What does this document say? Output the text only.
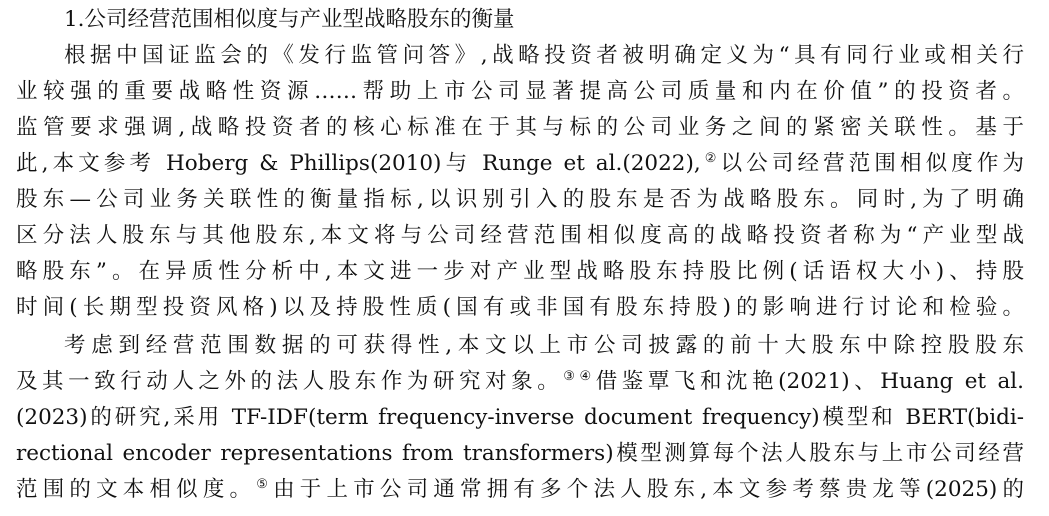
1.公司经营范围相似度与产业型战略股东的衡量
根据中国证监会的《发行监管问答》,战略投资者被明确定义为“具有同行业或相关行
业较强的重要战略性资源……帮助上市公司显著提高公司质量和内在价值”的投资者。
监管要求强调,战略投资者的核心标准在于其与标的公司业务之间的紧密关联性。基于
此,本文参考 Hoberg & Phillips(2010)与 Runge et al.(2022),②以公司经营范围相似度作为
股东—公司业务关联性的衡量指标,以识别引入的股东是否为战略股东。同时,为了明确
区分法人股东与其他股东,本文将与公司经营范围相似度高的战略投资者称为“产业型战
略股东”。在异质性分析中,本文进一步对产业型战略股东持股比例(话语权大小)、持股
时间(长期型投资风格)以及持股性质(国有或非国有股东持股)的影响进行讨论和检验。
考虑到经营范围数据的可获得性,本文以上市公司披露的前十大股东中除控股股东
及其一致行动人之外的法人股东作为研究对象。③④借鉴覃飞和沈艳(2021)、Huang et al.
(2023)的研究,采用 TF-IDF(term frequency-inverse document frequency)模型和 BERT(bidi-
rectional encoder representations from transformers)模型测算每个法人股东与上市公司经营
范围的文本相似度。⑤由于上市公司通常拥有多个法人股东,本文参考蔡贵龙等(2025)的
